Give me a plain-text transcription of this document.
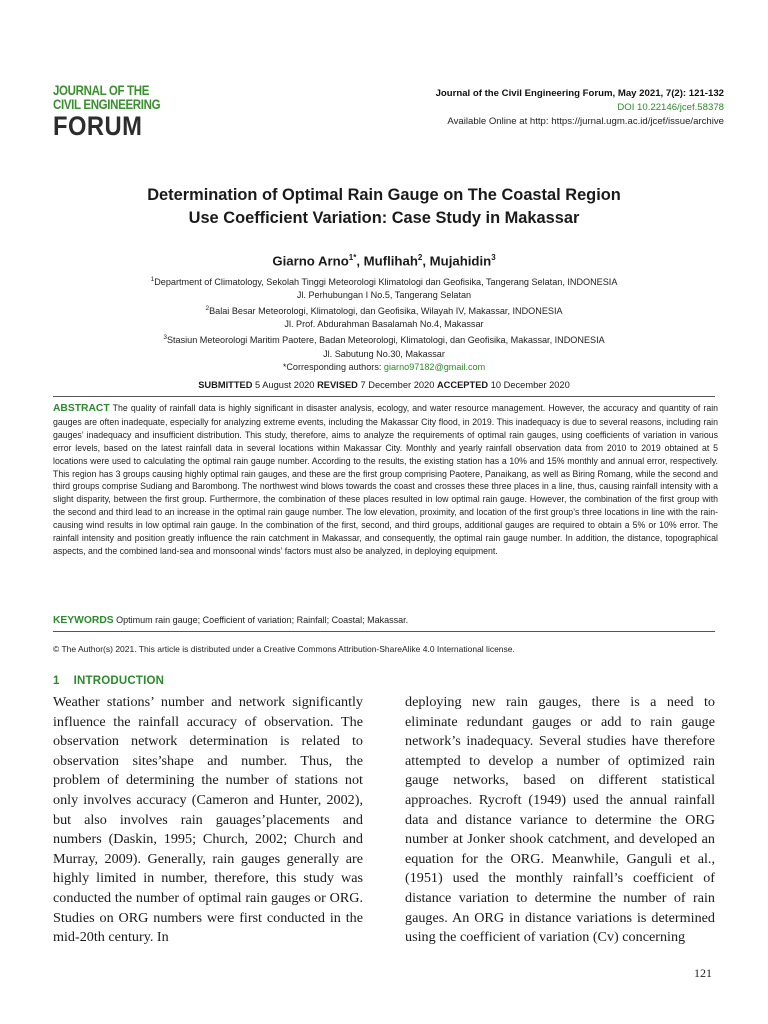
JOURNAL OF THE
CIVIL ENGINEERING
FORUM
Journal of the Civil Engineering Forum, May 2021, 7(2): 121-132
DOI 10.22146/jcef.58378
Available Online at http: https://jurnal.ugm.ac.id/jcef/issue/archive
Determination of Optimal Rain Gauge on The Coastal Region
Use Coefficient Variation: Case Study in Makassar
Giarno Arno$^{1*}$, Muflihah$^2$, Mujahidin$^3$
$^1$Department of Climatology, Sekolah Tinggi Meteorologi Klimatologi dan Geofisika, Tangerang Selatan, INDONESIA
Jl. Perhubungan I No.5, Tangerang Selatan
$^2$Balai Besar Meteorologi, Klimatologi, dan Geofisika, Wilayah IV, Makassar, INDONESIA
Jl. Prof. Abdurahman Basalamah No.4, Makassar
$^3$Stasiun Meteorologi Maritim Paotere, Badan Meteorologi, Klimatologi, dan Geofisika, Makassar, INDONESIA
Jl. Sabutung No.30, Makassar
*Corresponding authors: giarno97182@gmail.com
SUBMITTED 5 August 2020 REVISED 7 December 2020 ACCEPTED 10 December 2020
ABSTRACT The quality of rainfall data is highly significant in disaster analysis, ecology, and water resource management. However, the accuracy and quantity of rain gauges are often inadequate, especially for analyzing extreme events, including the Makassar City flood, in 2019. This inadequacy is due to several reasons, including rain gauges’ inadequacy and insufficient distribution. This study, therefore, aims to analyze the requirements of optimal rain gauges, using coefficients of variation in various error levels, based on the latest rainfall data in several locations within Makassar City. Monthly and yearly rainfall observation data from 2010 to 2019 obtained at 5 locations were used to calculating the optimal rain gauge number. According to the results, the existing station has a 10% and 15% monthly and annual error, respectively. This region has 3 groups causing highly optimal rain gauges, and these are the first group comprising Paotere, Panaikang, as well as Biring Romang, while the second and third groups comprise Sudiang and Barombong. The northwest wind blows towards the coast and crosses these three places in a line, thus, causing rainfall intensity with a slight disparity, between the first group. Furthermore, the combination of these places resulted in low optimal rain gauge. However, the combination of the first group with the second and third lead to an increase in the optimal rain gauge number. The low elevation, proximity, and location of the first group’s three locations in line with the rain-causing wind results in low optimal rain gauge. In the combination of the first, second, and third groups, additional gauges are required to obtain a 5% or 10% error. The rainfall intensity and position greatly influence the rain catchment in Makassar, and consequently, the optimal rain gauge number. In addition, the distance, topographical aspects, and the combined land-sea and monsoonal winds’ factors must also be analyzed, in deploying equipment.
KEYWORDS Optimum rain gauge; Coefficient of variation; Rainfall; Coastal; Makassar.
© The Author(s) 2021. This article is distributed under a Creative Commons Attribution-ShareAlike 4.0 International license.
1 INTRODUCTION
Weather stations’ number and network significantly influence the rainfall accuracy of observation. The observation network determination is related to observation sites’shape and number. Thus, the problem of determining the number of stations not only involves accuracy (Cameron and Hunter, 2002), but also involves rain gauages’placements and numbers (Daskin, 1995; Church, 2002; Church and Murray, 2009). Generally, rain gauges generally are highly limited in number, therefore, this study was conducted the number of optimal rain gauges or ORG. Studies on ORG numbers were first conducted in the mid-20th century. In
deploying new rain gauges, there is a need to eliminate redundant gauges or add to rain gauge network’s inadequacy. Several studies have therefore attempted to develop a number of optimized rain gauge networks, based on different statistical approaches. Rycroft (1949) used the annual rainfall data and distance variance to determine the ORG number at Jonker shook catchment, and developed an equation for the ORG. Meanwhile, Ganguli et al., (1951) used the monthly rainfall’s coefficient of distance variation to determine the number of rain gauges. An ORG in distance variations is determined using the coefficient of variation (Cv) concerning
121
